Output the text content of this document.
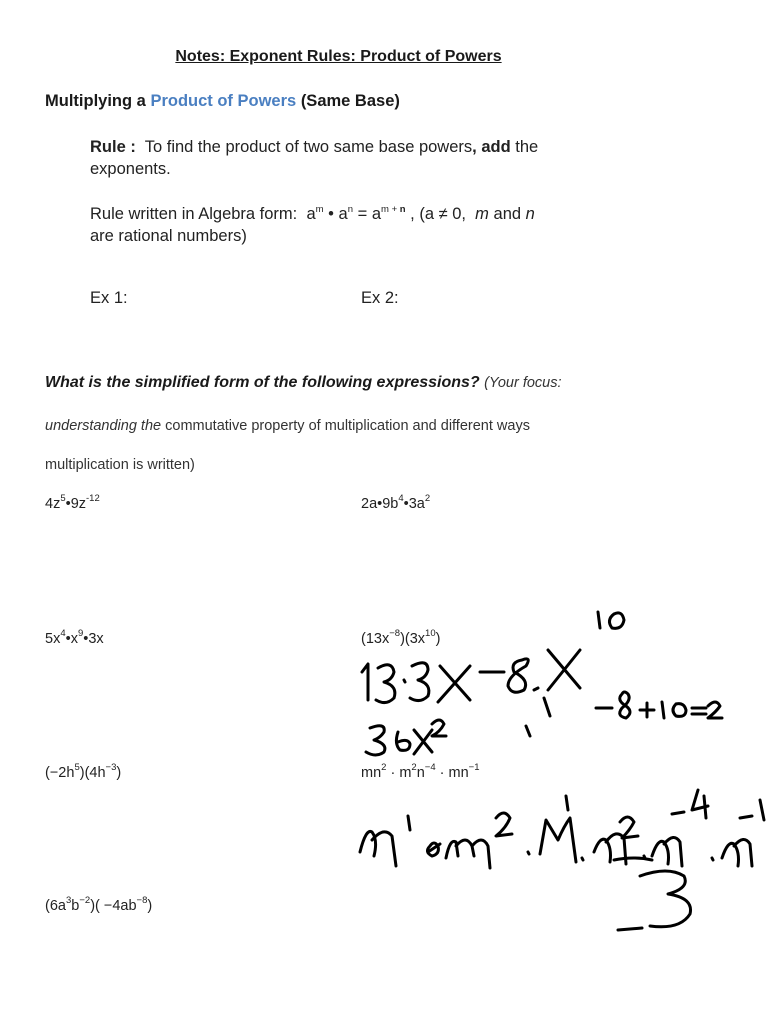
Notes: Exponent Rules: Product of Powers
Multiplying a Product of Powers (Same Base)
Rule : To find the product of two same base powers, add the
exponents.
Rule written in Algebra form: $a^m$ • $a^n = a^{m +}$ $^n$ , (a ≠ 0, m and n
are rational numbers)
Ex 1:	Ex 2:
What is the simplified form of the following expressions? (Your focus:
understanding the commutative property of multiplication and different ways
multiplication is written)
$4z^5•9z^{-12}$	$2a•9b^4•3a^2$
$5x^4•x^9•3x$	$(13x^{-8})(3x^{10})$
$(-2h^5)(4h^{-3})$	$mn^2 \cdot m^2n^{-4} \cdot mn^{-1}$
$(6a^3b^{-2})( -4ab^{-8})$
